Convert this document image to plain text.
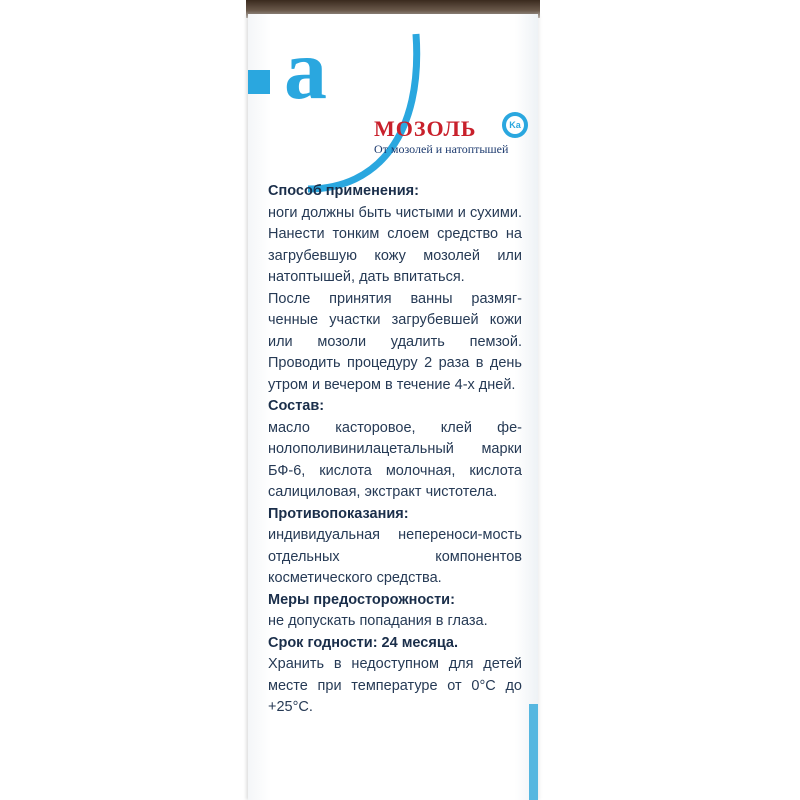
a
МОЗОЛЬ	Ka
От мозолей и натоптышей
Способ применения:
ноги должны быть чистыми и сухими. Нанести тонким слоем средство на загрубевшую кожу мозолей или натоптышей, дать впитаться.
После принятия ванны размяг-ченные участки загрубевшей кожи или мозоли удалить пемзой. Проводить процедуру 2 раза в день утром и вечером в течение 4-х дней.
Состав:
масло касторовое, клей фе-нолополивинилацетальный марки БФ-6, кислота молочная, кислота салициловая, экстракт чистотела.
Противопоказания:
индивидуальная непереноси-мость отдельных компонентов косметического средства.
Меры предосторожности:
не допускать попадания в глаза.
Срок годности: 24 месяца.
Хранить в недоступном для детей месте при температуре от 0°C до +25°C.
